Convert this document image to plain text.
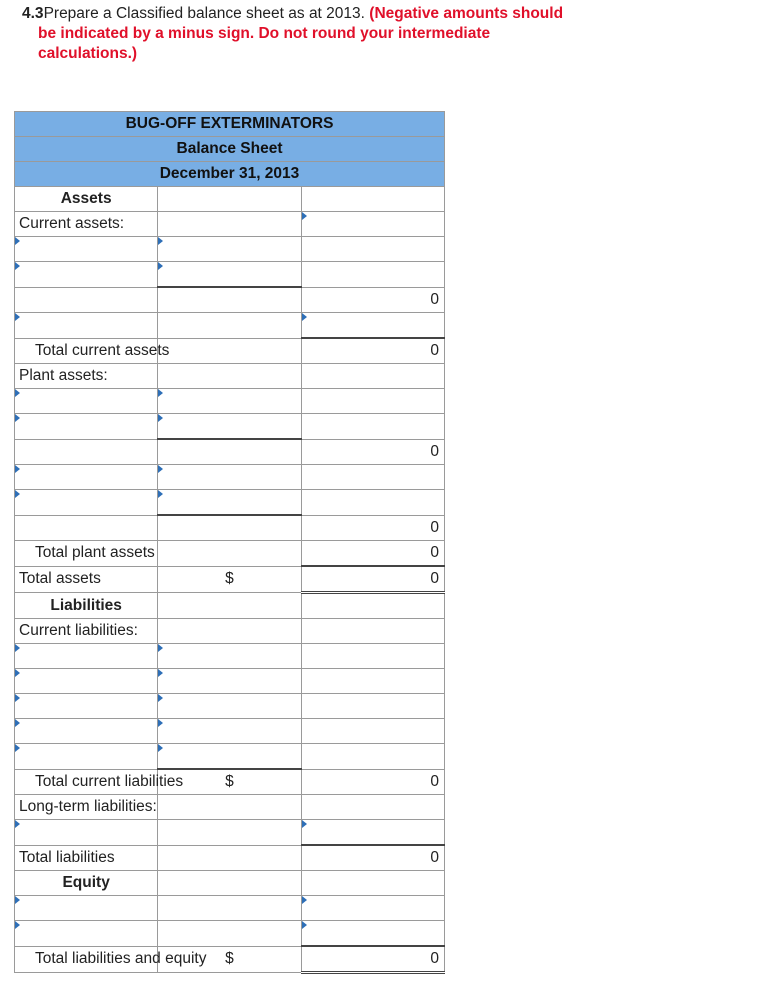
4.3Prepare a Classified balance sheet as at 2013. (Negative amounts should
be indicated by a minus sign. Do not round your intermediate
calculations.)
BUG-OFF EXTERMINATORS		
Balance Sheet		
December 31, 2013		
Assets		
Current assets:		

		0

Total current assets		0

Plant assets:		

		0

		0

Total plant assets		0

Total assets	$	0

Liabilities		
Current liabilities:		

Total current liabilities	$	0

Long-term liabilities:		

Total liabilities		0

Equity		

Total liabilities and equity	$	0
